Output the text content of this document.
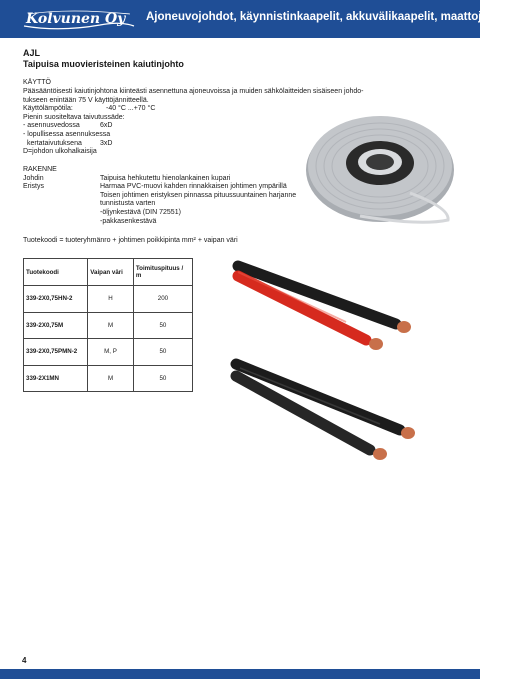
Kolvunen Oy Ajoneuvojohdot, käynnistinkaapelit, akkuvälikaapelit, maattojohdot
AJL
Taipuisa muovieristeinen kaiutinjohto
KÄYTTÖ
Pääsääntöisesti kaiutinjohtona kiinteästi asennettuna ajoneuvoissa ja muiden sähkölaitteiden sisäiseen johdo-
tukseen enintään 75 V käyttöjännitteellä.
Käyttölämpötila:	-40 °C ...+70 °C
Pienin suositeltava taivutussäde:
- asennusvedossa	6xD
- lopullisessa asennuksessa
kertataivutuksena	3xD
D=johdon ulkohalkaisija
RAKENNE
Johdin	Taipuisa hehkutettu hienolankainen kupari
Eristys	Harmaa PVC-muovi kahden rinnakkaisen johtimen ympärillä
Toisen johtimen eristyksen pinnassa pituussuuntainen harjanne
tunnistusta varten
-öljynkestävä (DIN 72551)
-pakkasenkestävä
Tuotekoodi = tuoteryhmänro + johtimen poikkipinta mm² + vaipan väri
Tuotekoodi	Vaipan väri	Toimituspituus / m
339-2X0,75HN-2	H	200
339-2X0,75M	M	50
339-2X0,75PMN-2	M, P	50
339-2X1MN	M	50
4
